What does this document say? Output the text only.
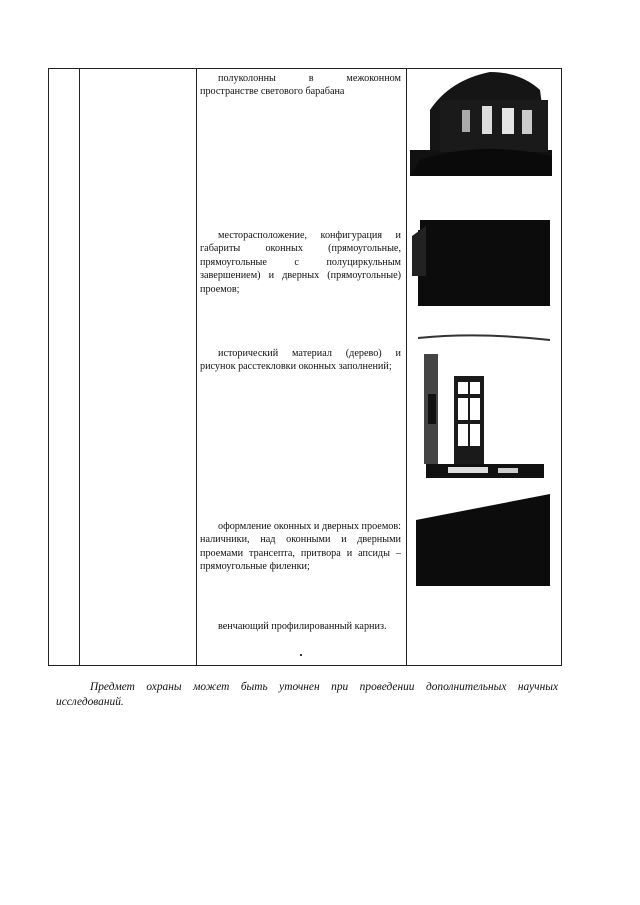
полуколонны в межоконном пространстве светового барабана
месторасположение, конфигурация и габариты оконных (прямоугольные, прямоугольные с полуциркульным завершением) и дверных (прямоугольные) проемов;
исторический материал (дерево) и рисунок расстекловки оконных заполнений;
оформление оконных и дверных проемов: наличники, над оконными и дверными проемами трансепта, притвора и апсиды – прямоугольные филенки;
венчающий профилированный карниз.
Предмет охраны может быть уточнен при проведении дополнительных научных исследований.
